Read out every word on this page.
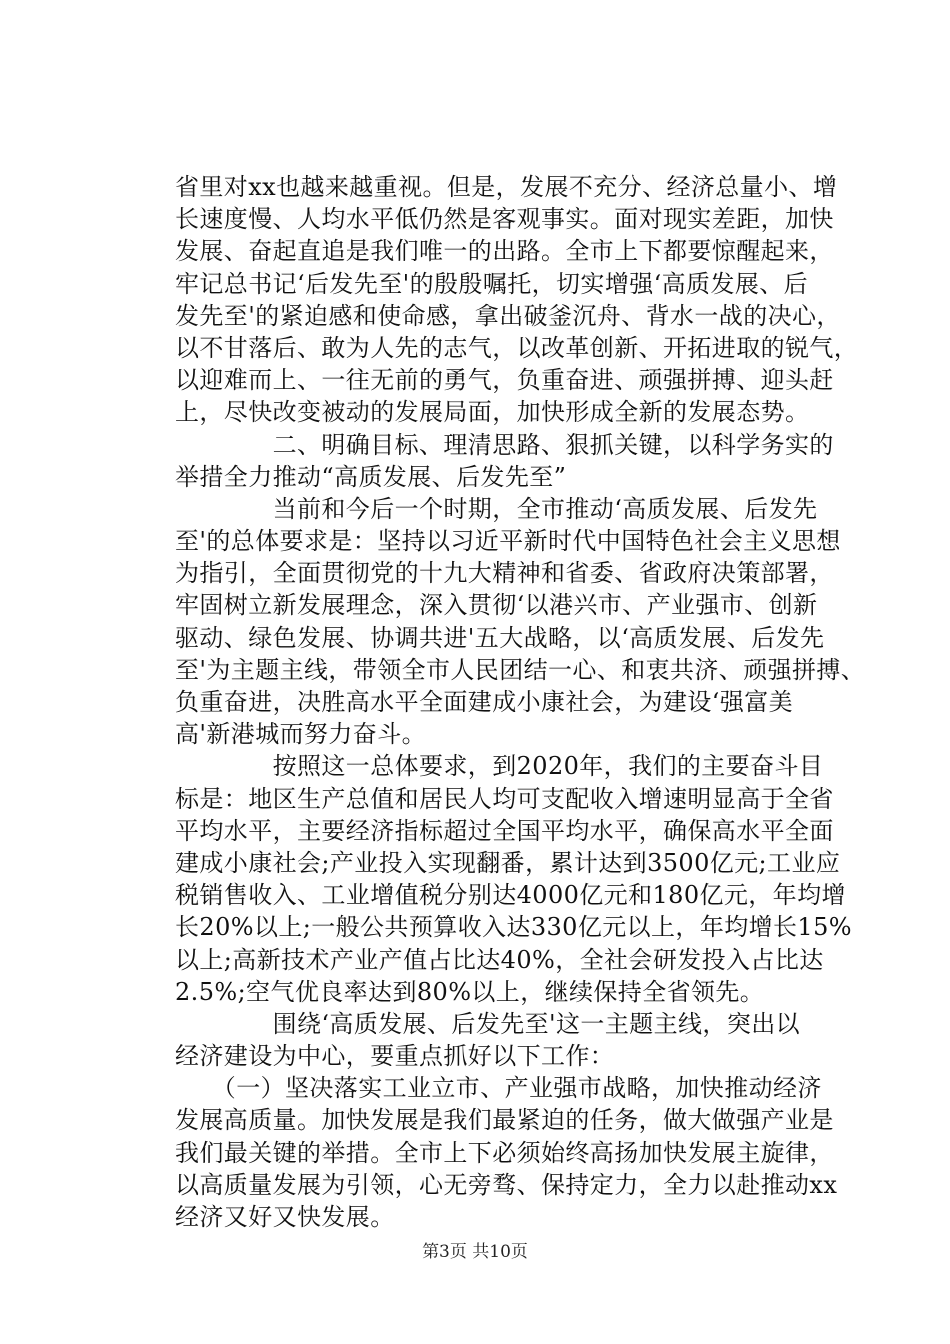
省里对xx也越来越重视。但是，发展不充分、经济总量小、增
长速度慢、人均水平低仍然是客观事实。面对现实差距，加快
发展、奋起直追是我们唯一的出路。全市上下都要惊醒起来，
牢记总书记‘后发先至'的殷殷嘱托，切实增强‘高质发展、后
发先至'的紧迫感和使命感，拿出破釜沉舟、背水一战的决心，
以不甘落后、敢为人先的志气，以改革创新、开拓进取的锐气，
以迎难而上、一往无前的勇气，负重奋进、顽强拼搏、迎头赶
上，尽快改变被动的发展局面，加快形成全新的发展态势。
　　　　二、明确目标、理清思路、狠抓关键，以科学务实的
举措全力推动“高质发展、后发先至”
　　　　当前和今后一个时期，全市推动‘高质发展、后发先
至'的总体要求是：坚持以习近平新时代中国特色社会主义思想
为指引，全面贯彻党的十九大精神和省委、省政府决策部署，
牢固树立新发展理念，深入贯彻‘以港兴市、产业强市、创新
驱动、绿色发展、协调共进'五大战略，以‘高质发展、后发先
至'为主题主线，带领全市人民团结一心、和衷共济、顽强拼搏、
负重奋进，决胜高水平全面建成小康社会，为建设‘强富美
高'新港城而努力奋斗。
　　　　按照这一总体要求，到2020年，我们的主要奋斗目
标是：地区生产总值和居民人均可支配收入增速明显高于全省
平均水平，主要经济指标超过全国平均水平，确保高水平全面
建成小康社会;产业投入实现翻番，累计达到3500亿元;工业应
税销售收入、工业增值税分别达4000亿元和180亿元，年均增
长20%以上;一般公共预算收入达330亿元以上，年均增长15%
以上;高新技术产业产值占比达40%，全社会研发投入占比达
2.5%;空气优良率达到80%以上，继续保持全省领先。
　　　　围绕‘高质发展、后发先至'这一主题主线，突出以
经济建设为中心，要重点抓好以下工作：
　　（一）坚决落实工业立市、产业强市战略，加快推动经济
发展高质量。加快发展是我们最紧迫的任务，做大做强产业是
我们最关键的举措。全市上下必须始终高扬加快发展主旋律，
以高质量发展为引领，心无旁骛、保持定力，全力以赴推动xx
经济又好又快发展。
第3页 共10页
